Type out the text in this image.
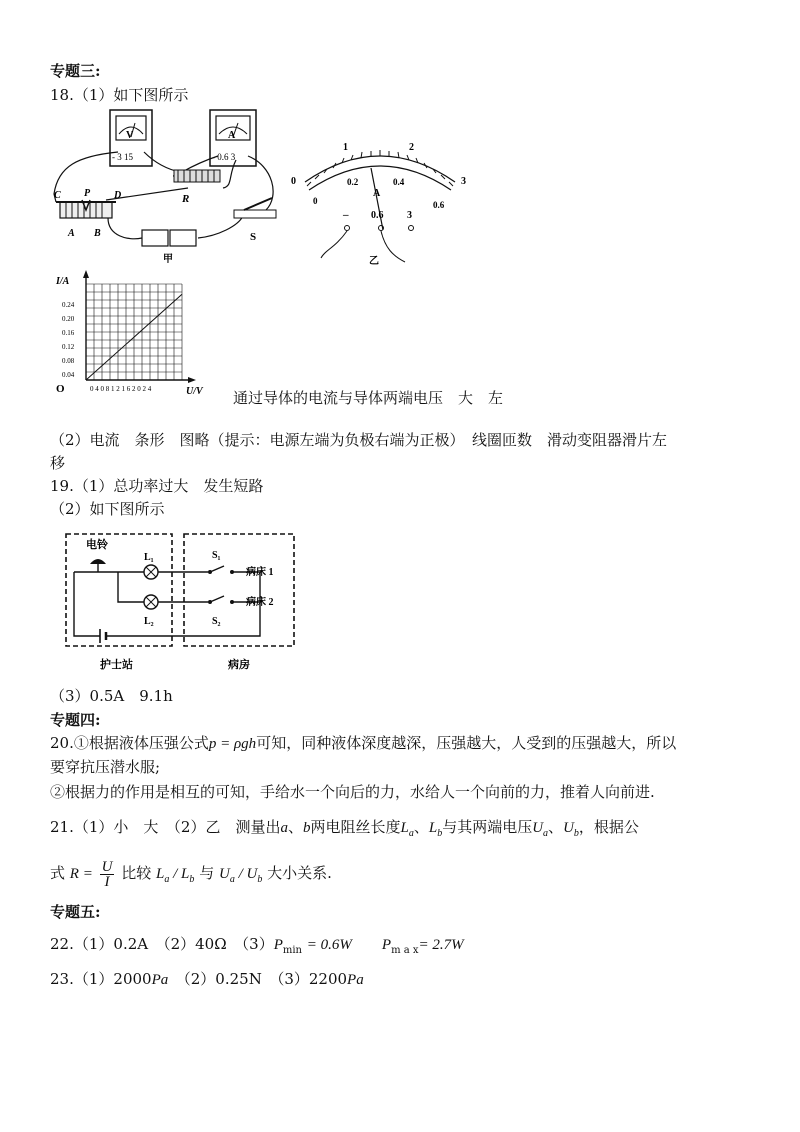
专题三:
18.（1）如下图所示
V
- 3 15
A
- 0.6 3
R
C P D
A B
甲
S
0
1	2
3
0
0.2	0.4
0.6
A
– 0.6 3
乙
I/A
U/V
O
0.24
0.20
0.16
0.12
0.08
0.04
0 4 0 8 1 2 1 6 2 0 2 4	通过导体的电流与导体两端电压　大　左
（2）电流　条形　图略（提示：电源左端为负极右端为正极）　线圈匝数　滑动变阻器滑片左
移
19.（1）总功率过大　发生短路
（2）如下图所示
电铃
L₁
L₂
S₁
S₂
病床 1
病床 2
护士站	病房
（3）0.5A　9.1h
专题四:
20.①根据液体压强公式p = ρgh可知，同种液体深度越深，压强越大，人受到的压强越大，所以
要穿抗压潜水服;
②根据力的作用是相互的可知，手给水一个向后的力，水给人一个向前的力，推着人向前进.
21.（1）小　大　（2）乙　测量出a、b两电阻丝长度$L_a$、$L_b$与其两端电压$U_a$、$U_b$，根据公
式 $R = \frac{U}{I}$ 比较 $L_a / L_b$ 与 $U_a / U_b$ 大小关系.
专题五:
22.（1）0.2A　（2）40Ω　$(3)P_{min} = 0.6W$　　 $P_{m a x}= 2.7W$
23.（1）2000Pa　（2）0.25N　（3）2200Pa
